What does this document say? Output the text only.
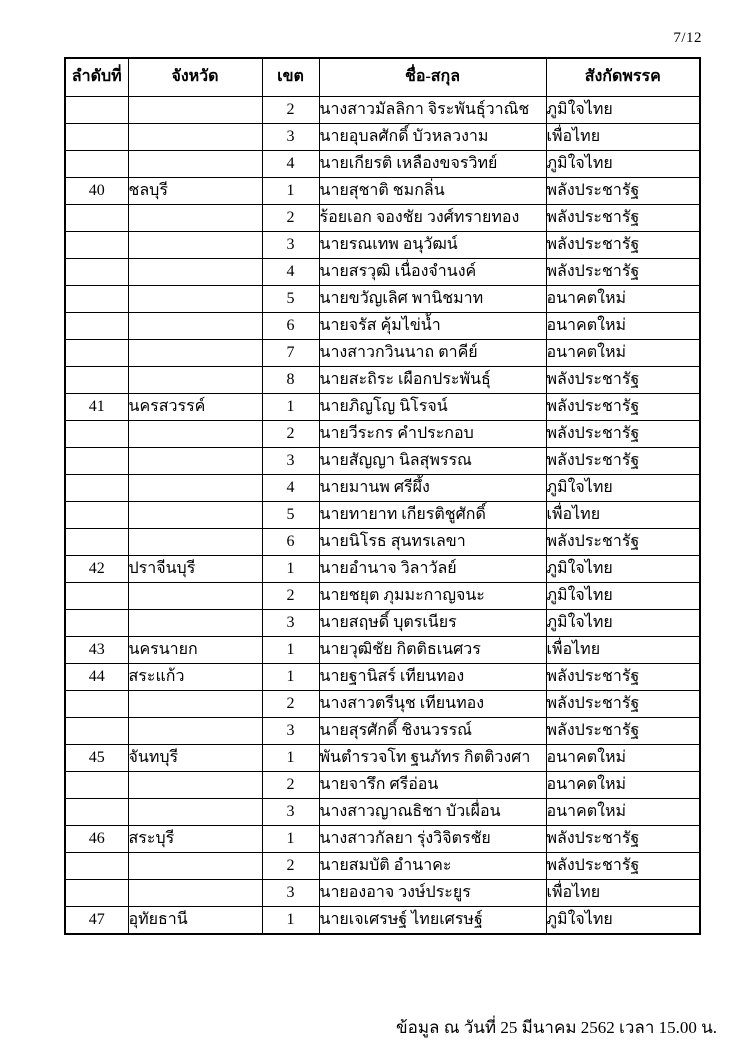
7/12
ลำดับที่	จังหวัด	เขต	ชื่อ-สกุล	สังกัดพรรค
		2	นางสาวมัลลิกา จิระพันธุ์วาณิช	ภูมิใจไทย
		3	นายอุบลศักดิ์ บัวหลวงาม	เพื่อไทย
		4	นายเกียรติ เหลืองขจรวิทย์	ภูมิใจไทย
40	ชลบุรี	1	นายสุชาติ ชมกลิ่น	พลังประชารัฐ
		2	ร้อยเอก จองชัย วงศ์ทรายทอง	พลังประชารัฐ
		3	นายรณเทพ อนุวัฒน์	พลังประชารัฐ
		4	นายสรวุฒิ เนื่องจำนงค์	พลังประชารัฐ
		5	นายขวัญเลิศ พานิชมาท	อนาคตใหม่
		6	นายจรัส คุ้มไข่น้ำ	อนาคตใหม่
		7	นางสาวกวินนาถ ตาคีย์	อนาคตใหม่
		8	นายสะถิระ เผือกประพันธุ์	พลังประชารัฐ
41	นครสวรรค์	1	นายภิญโญ นิโรจน์	พลังประชารัฐ
		2	นายวีระกร คำประกอบ	พลังประชารัฐ
		3	นายสัญญา นิลสุพรรณ	พลังประชารัฐ
		4	นายมานพ ศรีผึ้ง	ภูมิใจไทย
		5	นายทายาท เกียรติชูศักดิ์	เพื่อไทย
		6	นายนิโรธ สุนทรเลขา	พลังประชารัฐ
42	ปราจีนบุรี	1	นายอำนาจ วิลาวัลย์	ภูมิใจไทย
		2	นายชยุต ภุมมะกาญจนะ	ภูมิใจไทย
		3	นายสฤษดิ์ บุตรเนียร	ภูมิใจไทย
43	นครนายก	1	นายวุฒิชัย กิตติธเนศวร	เพื่อไทย
44	สระแก้ว	1	นายฐานิสร์ เทียนทอง	พลังประชารัฐ
		2	นางสาวตรีนุช เทียนทอง	พลังประชารัฐ
		3	นายสุรศักดิ์ ชิงนวรรณ์	พลังประชารัฐ
45	จันทบุรี	1	พันตำรวจโท ฐนภัทร กิตติวงศา	อนาคตใหม่
		2	นายจารึก ศรีอ่อน	อนาคตใหม่
		3	นางสาวญาณธิชา บัวเผื่อน	อนาคตใหม่
46	สระบุรี	1	นางสาวกัลยา รุ่งวิจิตรชัย	พลังประชารัฐ
		2	นายสมบัติ อำนาคะ	พลังประชารัฐ
		3	นายองอาจ วงษ์ประยูร	เพื่อไทย
47	อุทัยธานี	1	นายเจเศรษฐ์ ไทยเศรษฐ์	ภูมิใจไทย
ข้อมูล ณ วันที่ 25 มีนาคม 2562 เวลา 15.00 น.
